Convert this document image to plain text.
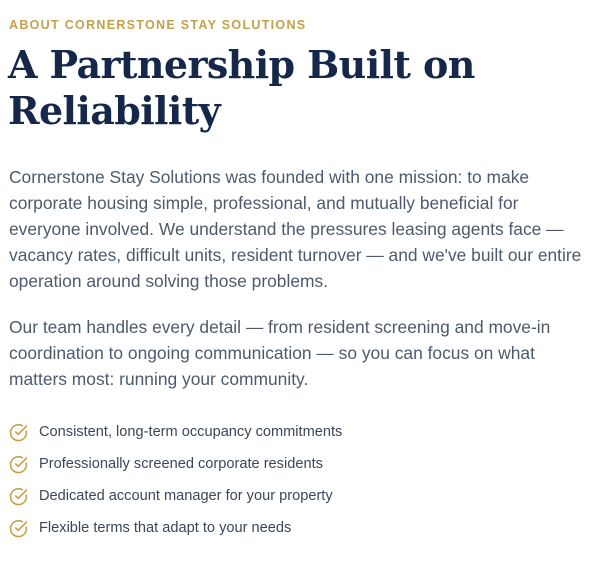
ABOUT CORNERSTONE STAY SOLUTIONS

A Partnership Built on
Reliability

Cornerstone Stay Solutions was founded with one mission: to make corporate housing simple, professional, and mutually beneficial for everyone involved. We understand the pressures leasing agents face — vacancy rates, difficult units, resident turnover — and we've built our entire operation around solving those problems.

Our team handles every detail — from resident screening and move-in coordination to ongoing communication — so you can focus on what matters most: running your community.

Consistent, long-term occupancy commitments
Professionally screened corporate residents
Dedicated account manager for your property
Flexible terms that adapt to your needs
